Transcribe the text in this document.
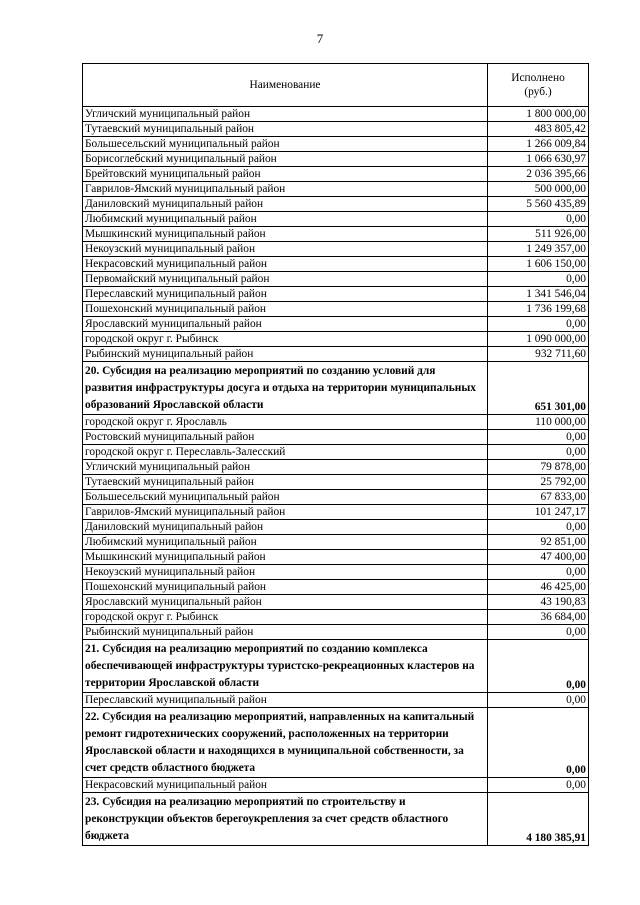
7
Наименование	Исполнено
(руб.)
Угличский муниципальный район	1 800 000,00
Тутаевский муниципальный район	483 805,42
Большесельский муниципальный район	1 266 009,84
Борисоглебский муниципальный район	1 066 630,97
Брейтовский муниципальный район	2 036 395,66
Гаврилов-Ямский муниципальный район	500 000,00
Даниловский муниципальный район	5 560 435,89
Любимский муниципальный район	0,00
Мышкинский муниципальный район	511 926,00
Некоузский муниципальный район	1 249 357,00
Некрасовский муниципальный район	1 606 150,00
Первомайский муниципальный район	0,00
Переславский муниципальный район	1 341 546,04
Пошехонский муниципальный район	1 736 199,68
Ярославский муниципальный район	0,00
городской округ г. Рыбинск	1 090 000,00
Рыбинский муниципальный район	932 711,60
20. Субсидия на реализацию мероприятий по созданию условий для развития инфраструктуры досуга и отдыха на территории муниципальных образований Ярославской области	651 301,00
городской округ г. Ярославль	110 000,00
Ростовский муниципальный район	0,00
городской округ г. Переславль-Залесский	0,00
Угличский муниципальный район	79 878,00
Тутаевский муниципальный район	25 792,00
Большесельский муниципальный район	67 833,00
Гаврилов-Ямский муниципальный район	101 247,17
Даниловский муниципальный район	0,00
Любимский муниципальный район	92 851,00
Мышкинский муниципальный район	47 400,00
Некоузский муниципальный район	0,00
Пошехонский муниципальный район	46 425,00
Ярославский муниципальный район	43 190,83
городской округ г. Рыбинск	36 684,00
Рыбинский муниципальный район	0,00
21. Субсидия на реализацию мероприятий по созданию комплекса обеспечивающей инфраструктуры туристско-рекреационных кластеров на территории Ярославской области	0,00
Переславский муниципальный район	0,00
22. Субсидия на реализацию мероприятий, направленных на капитальный ремонт гидротехнических сооружений, расположенных на территории Ярославской области и находящихся в муниципальной собственности, за счет средств областного бюджета	0,00
Некрасовский муниципальный район	0,00
23. Субсидия на реализацию мероприятий по строительству и реконструкции объектов берегоукрепления за счет средств областного бюджета	4 180 385,91
